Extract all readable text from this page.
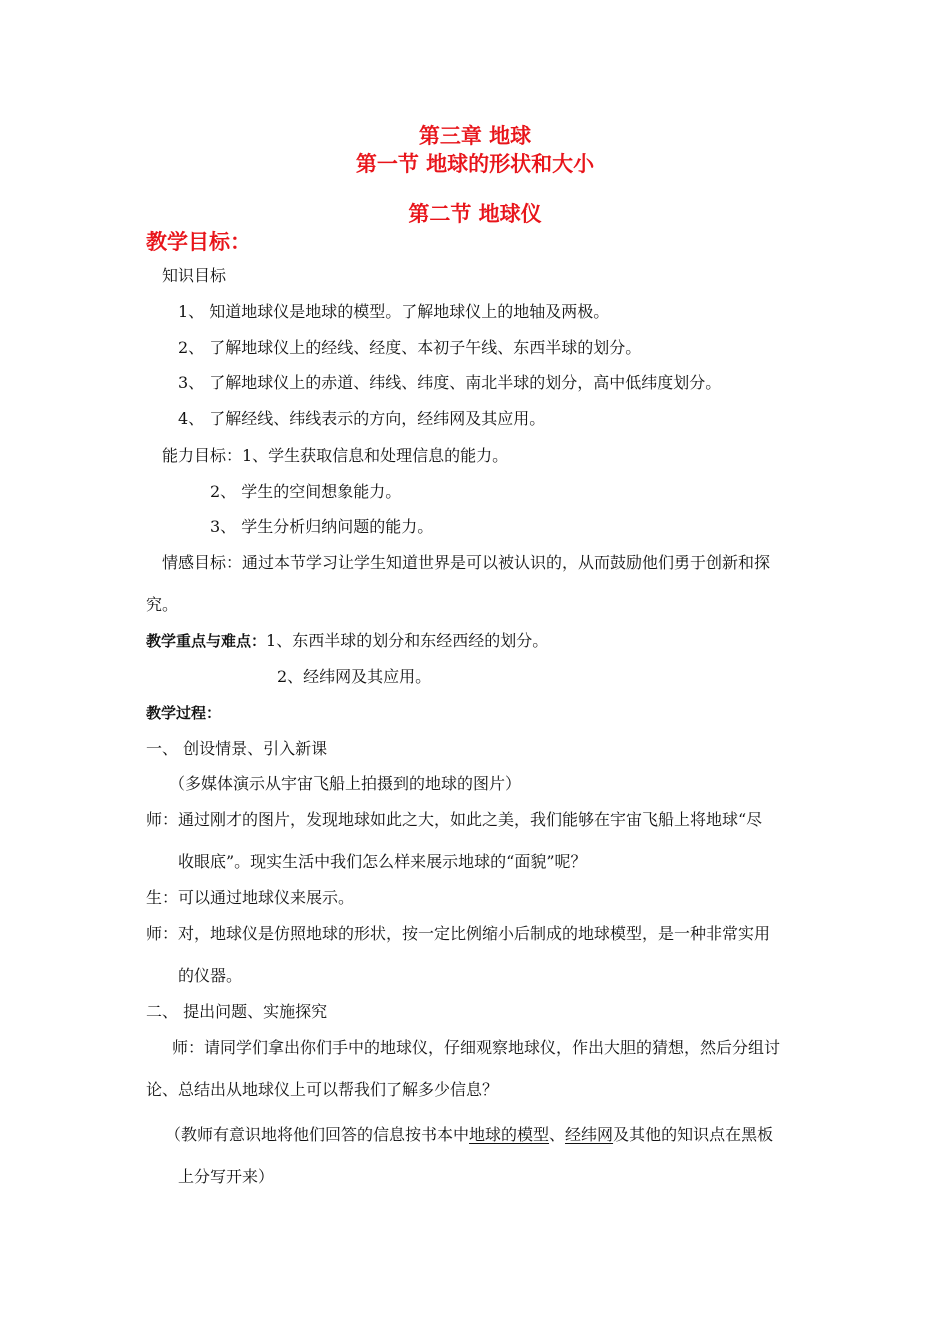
第三章 地球
第一节 地球的形状和大小
第二节 地球仪
教学目标：
知识目标
1、 知道地球仪是地球的模型。了解地球仪上的地轴及两极。
2、 了解地球仪上的经线、经度、本初子午线、东西半球的划分。
3、 了解地球仪上的赤道、纬线、纬度、南北半球的划分，高中低纬度划分。
4、 了解经线、纬线表示的方向，经纬网及其应用。
能力目标：1、学生获取信息和处理信息的能力。
2、 学生的空间想象能力。
3、 学生分析归纳问题的能力。
情感目标：通过本节学习让学生知道世界是可以被认识的，从而鼓励他们勇于创新和探
究。
教学重点与难点：1、东西半球的划分和东经西经的划分。
2、经纬网及其应用。
教学过程：
一、 创设情景、引入新课
（多媒体演示从宇宙飞船上拍摄到的地球的图片）
师：通过刚才的图片，发现地球如此之大，如此之美，我们能够在宇宙飞船上将地球“尽
收眼底”。现实生活中我们怎么样来展示地球的“面貌”呢？
生：可以通过地球仪来展示。
师：对，地球仪是仿照地球的形状，按一定比例缩小后制成的地球模型，是一种非常实用
的仪器。
二、 提出问题、实施探究
师：请同学们拿出你们手中的地球仪，仔细观察地球仪，作出大胆的猜想，然后分组讨
论、总结出从地球仪上可以帮我们了解多少信息？
（教师有意识地将他们回答的信息按书本中地球的模型、经纬网及其他的知识点在黑板
上分写开来）
